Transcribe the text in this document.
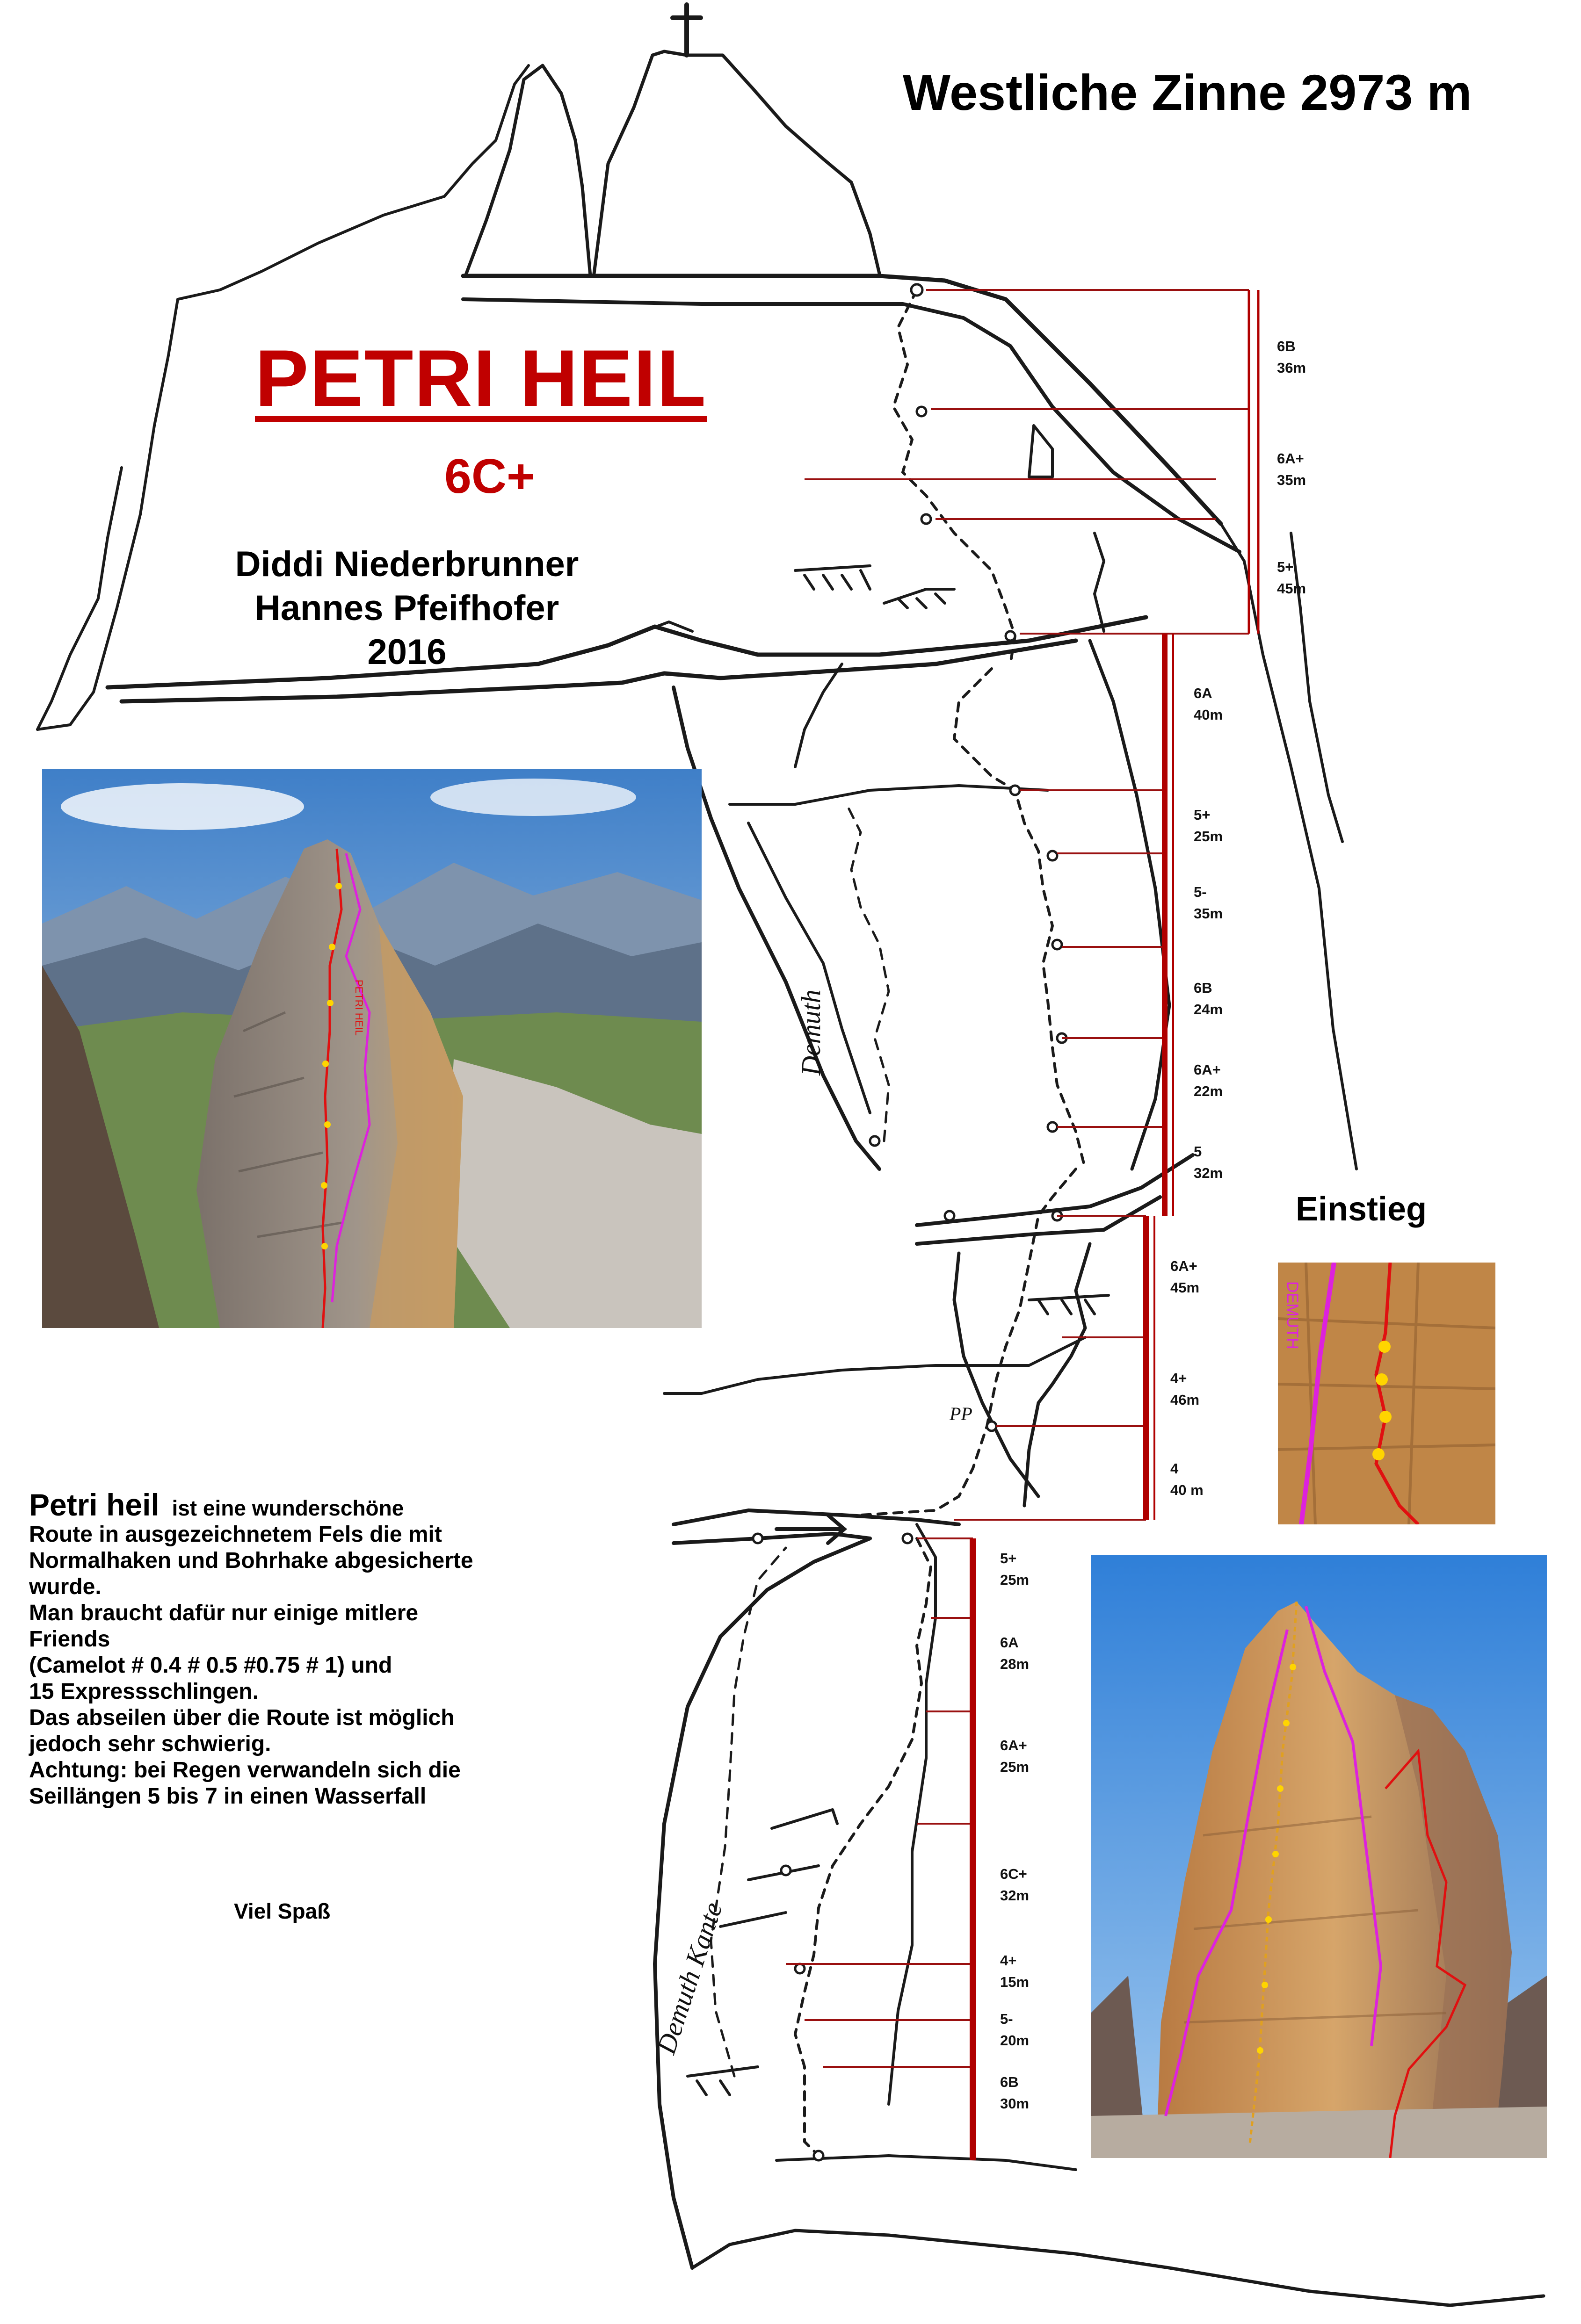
Westliche Zinne 2973 m
PETRI HEIL
6C+
Diddi Niederbrunner
Hannes Pfeifhofer
2016
6B
36m
6A+
35m
5+
45m
6A
40m
5+
25m
5-
35m
6B
24m
6A+
22m
5
32m
6A+
45m
4+
46m
4
40 m
5+
25m
6A
28m
6A+
25m
6C+
32m
4+
15m
5-
20m
6B
30m
Demuth
Demuth Kante
PP
PETRI HEIL
Einstieg
DEMUTH
Petri heil ist eine wunderschöne
Route in ausgezeichnetem Fels die mit
Normalhaken und Bohrhake abgesicherte
wurde.
Man braucht dafür nur einige mitlere
Friends
(Camelot # 0.4 # 0.5 #0.75 # 1) und
15 Expressschlingen.
Das abseilen über die Route ist möglich
jedoch sehr schwierig.
Achtung: bei Regen verwandeln sich die
Seillängen 5 bis 7 in einen Wasserfall
Viel Spaß
